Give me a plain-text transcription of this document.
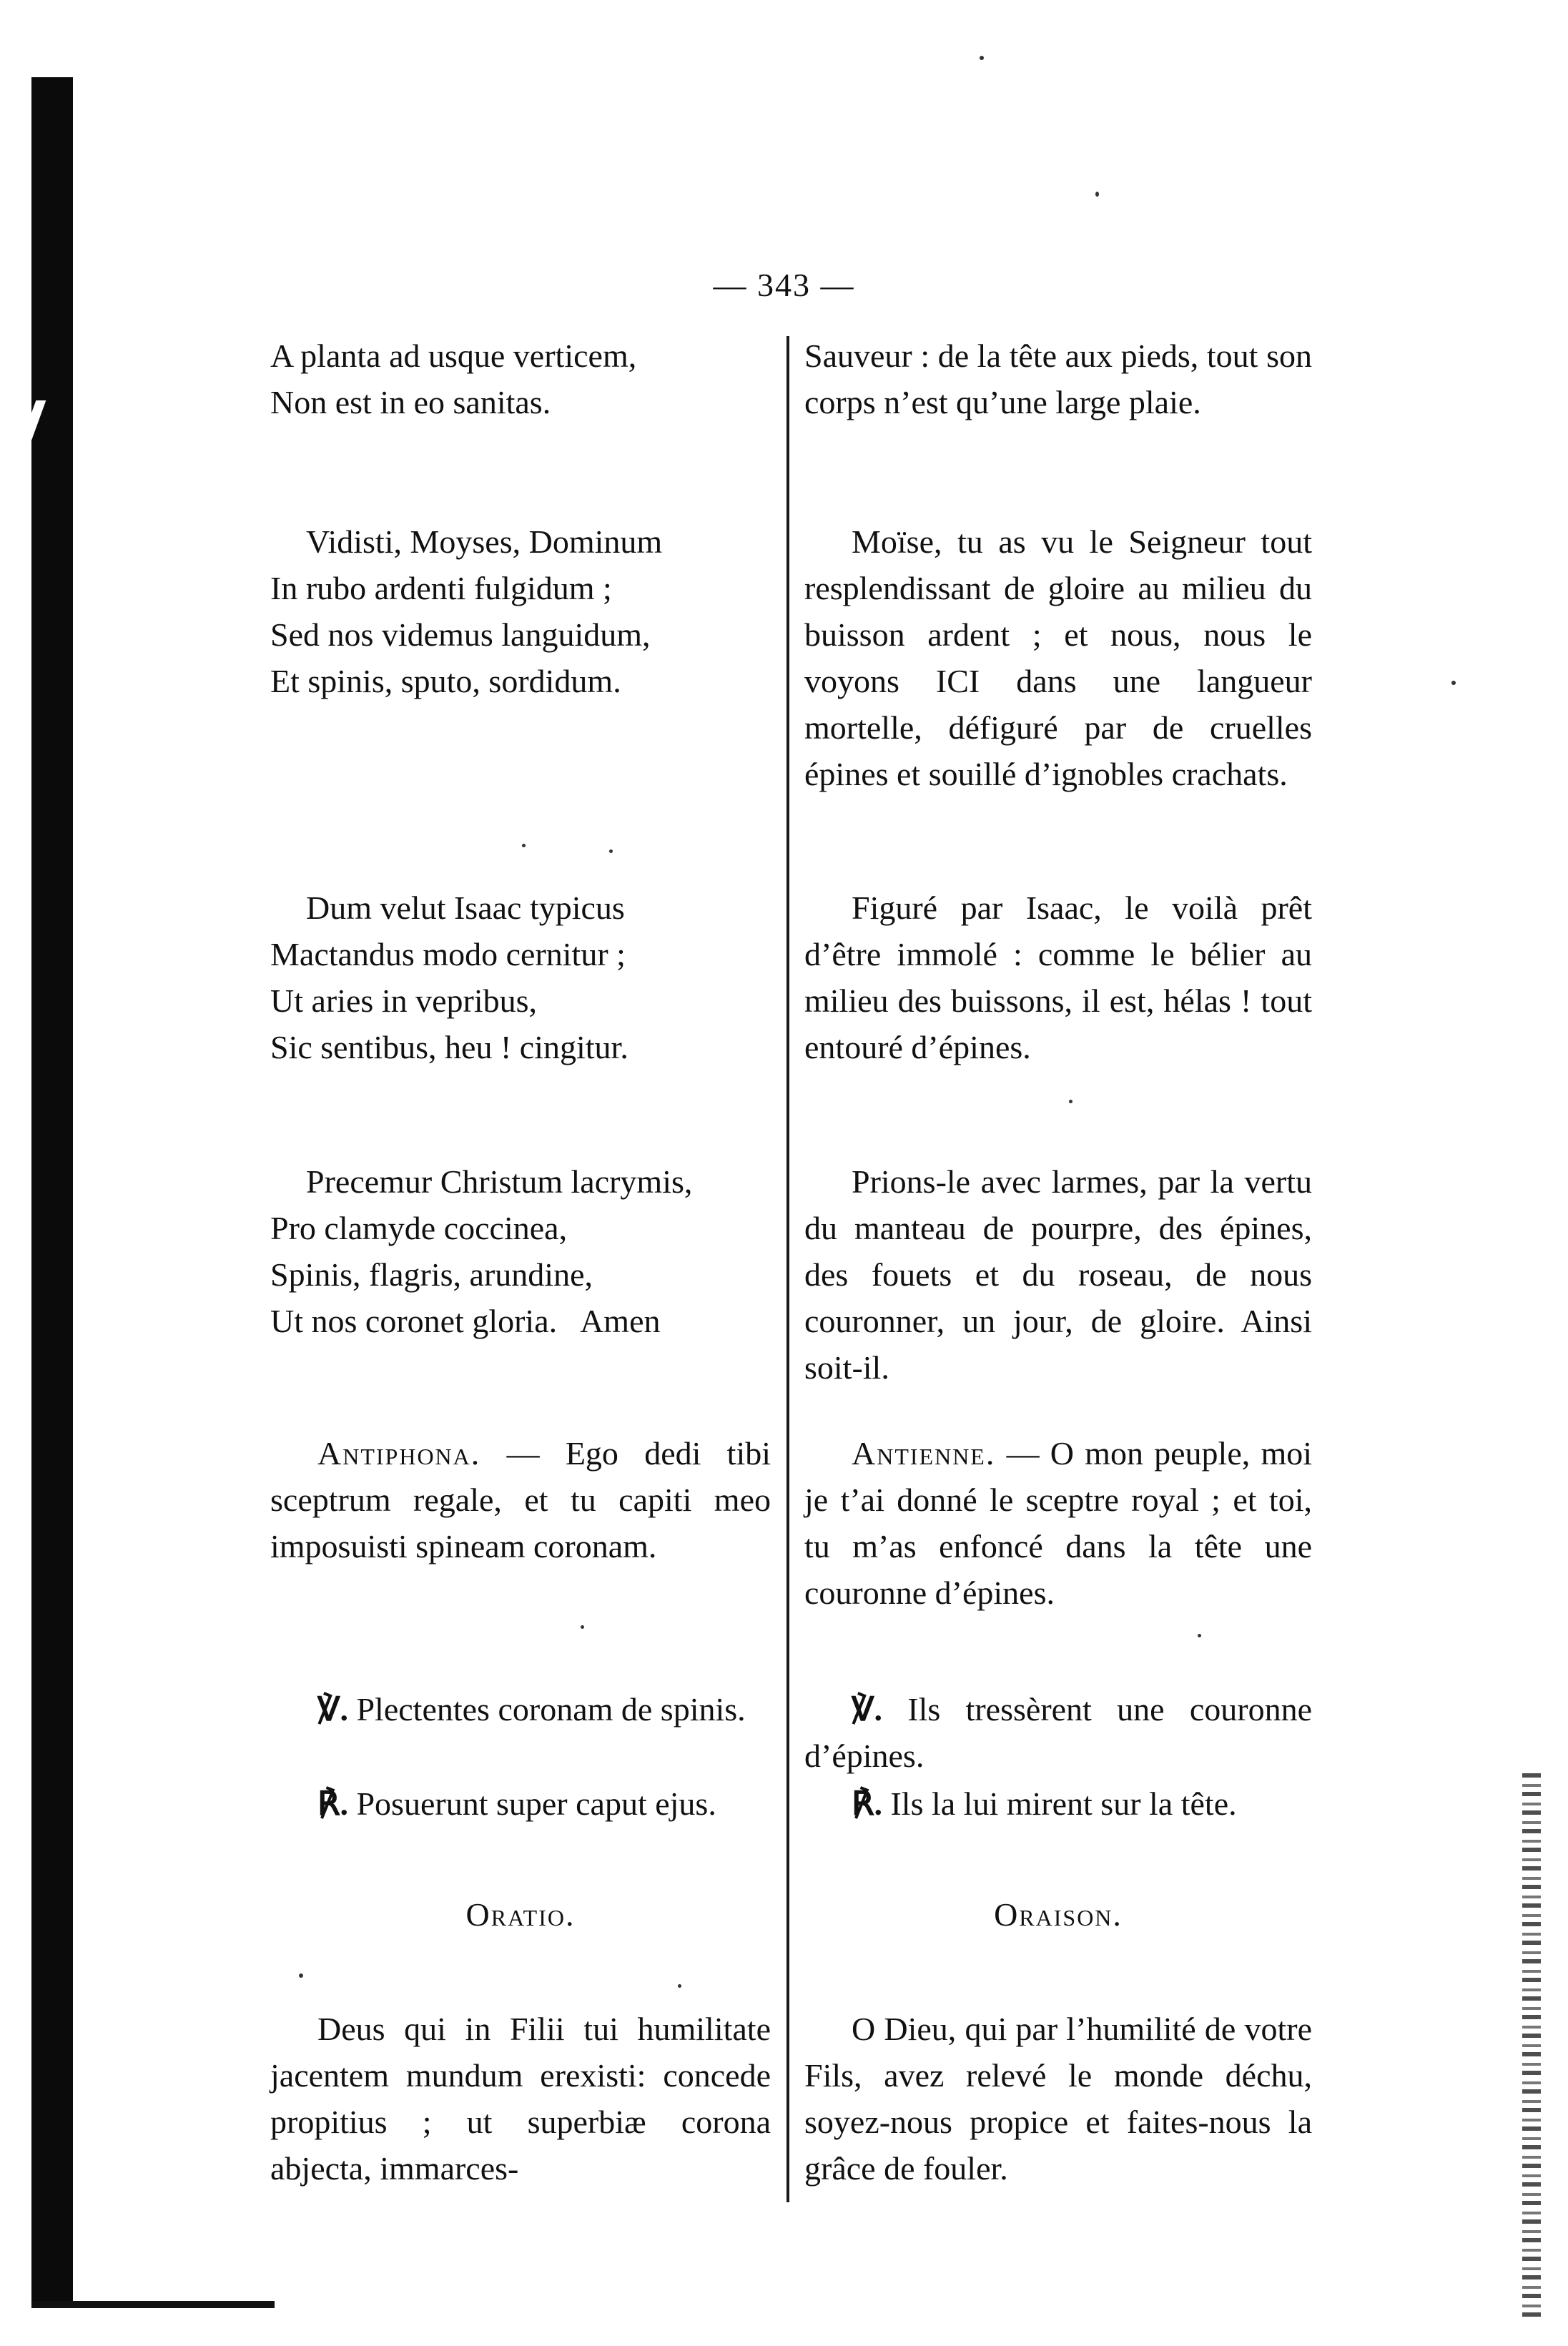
— 343 —
A planta ad usque verticem,
Non est in eo sanitas.
Vidisti, Moyses, Dominum
In rubo ardenti fulgidum ;
Sed nos videmus languidum,
Et spinis, sputo, sordidum.
Dum velut Isaac typicus
Mactandus modo cernitur ;
Ut aries in vepribus,
Sic sentibus, heu ! cingitur.
Precemur Christum lacrymis,
Pro clamyde coccinea,
Spinis, flagris, arundine,
Ut nos coronet gloria.   Amen
Antiphona. — Ego dedi tibi sceptrum regale, et tu capiti meo imposuisti spineam coronam.
℣. Plectentes coronam de spinis.
℟. Posuerunt super caput ejus.
Oratio.
Deus qui in Filii tui humilitate jacentem mundum erexisti: concede propitius ; ut superbiæ corona abjecta, immarces-
Sauveur : de la tête aux pieds, tout son corps n’est qu’une large plaie.
Moïse, tu as vu le Seigneur tout resplendissant de gloire au milieu du buisson ardent ; et nous, nous le voyons ICI dans une langueur mortelle, défiguré par de cruelles épines et souillé d’ignobles crachats.
Figuré par Isaac, le voilà prêt d’être immolé : comme le bélier au milieu des buissons, il est, hélas ! tout entouré d’épines.
Prions-le avec larmes, par la vertu du manteau de pourpre, des épines, des fouets et du roseau, de nous couronner, un jour, de gloire. Ainsi soit-il.
Antienne. — O mon peuple, moi je t’ai donné le sceptre royal ; et toi, tu m’as enfoncé dans la tête une couronne d’épines.
℣. Ils tressèrent une couronne d’épines.
℟. Ils la lui mirent sur la tête.
Oraison.
O Dieu, qui par l’humilité de votre Fils, avez relevé le monde déchu, soyez-nous propice et faites-nous la grâce de fouler.
